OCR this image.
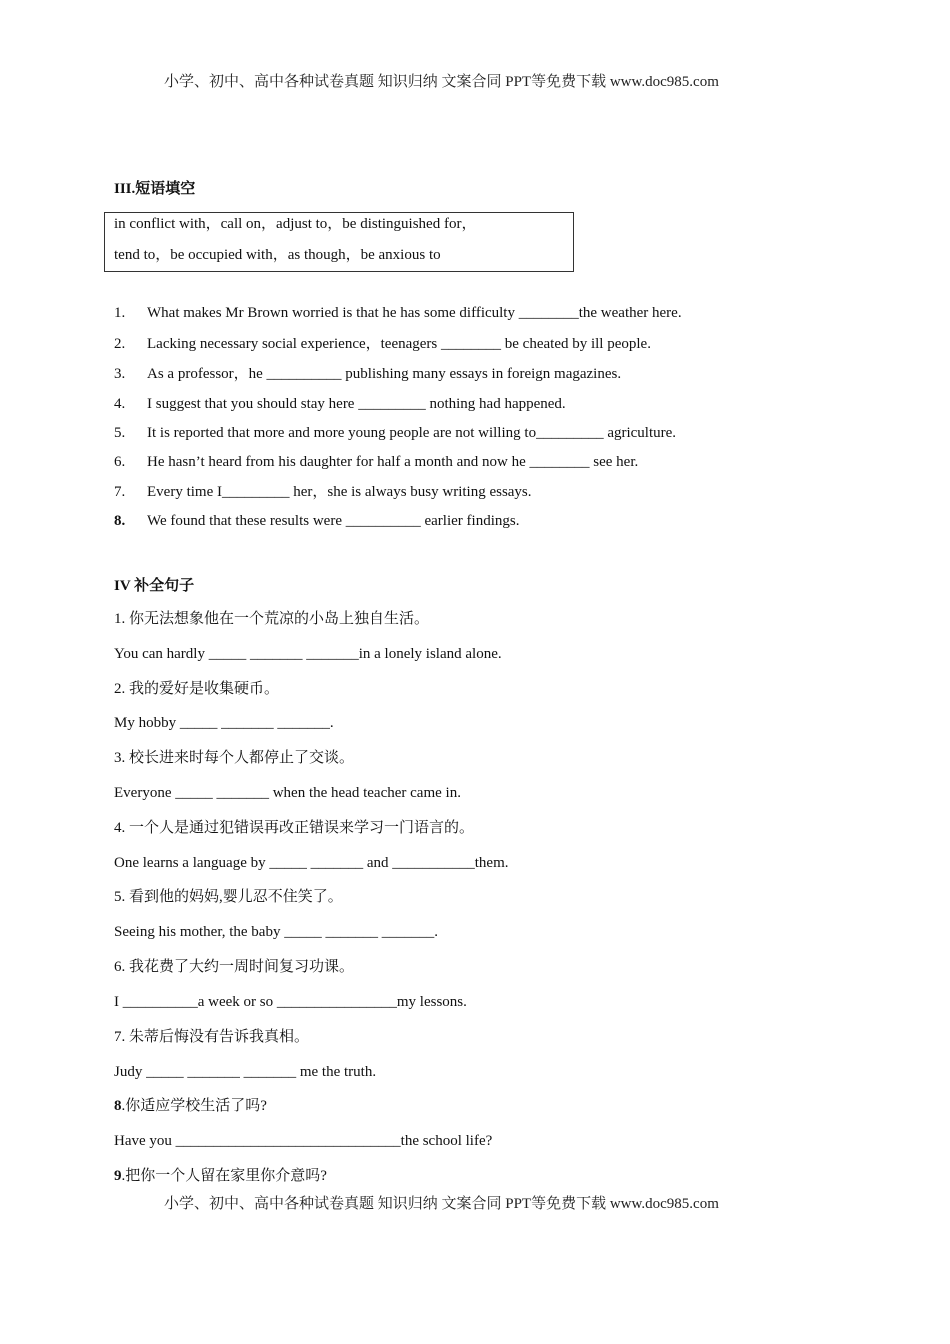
小学、初中、高中各种试卷真题 知识归纳 文案合同 PPT等免费下载 www.doc985.com
III.短语填空
in conflict with，call on，adjust to，be distinguished for，
tend to，be occupied with，as though，be anxious to
1. What makes Mr Brown worried is that he has some difficulty ________the weather here.
2. Lacking necessary social experience，teenagers ________ be cheated by ill people.
3. As a professor，he __________ publishing many essays in foreign magazines.
4. I suggest that you should stay here _________ nothing had happened.
5. It is reported that more and more young people are not willing to_________ agriculture.
6. He hasn’t heard from his daughter for half a month and now he ________ see her.
7. Every time I_________ her，she is always busy writing essays.
8. We found that these results were __________ earlier findings.
IV 补全句子
1. 你无法想象他在一个荒凉的小岛上独自生活。
You can hardly _____ _______ _______in a lonely island alone.
2. 我的爱好是收集硬币。
My hobby _____ _______ _______.
3. 校长进来时每个人都停止了交谈。
Everyone _____ _______ when the head teacher came in.
4. 一个人是通过犯错误再改正错误来学习一门语言的。
One learns a language by _____ _______ and ___________them.
5. 看到他的妈妈,婴儿忍不住笑了。
Seeing his mother, the baby _____ _______ _______.
6. 我花费了大约一周时间复习功课。
I __________a week or so ________________my lessons.
7. 朱蒂后悔没有告诉我真相。
Judy _____ _______ _______ me the truth.
8.你适应学校生活了吗?
Have you ______________________________the school life?
9.把你一个人留在家里你介意吗?
小学、初中、高中各种试卷真题 知识归纳 文案合同 PPT等免费下载 www.doc985.com
